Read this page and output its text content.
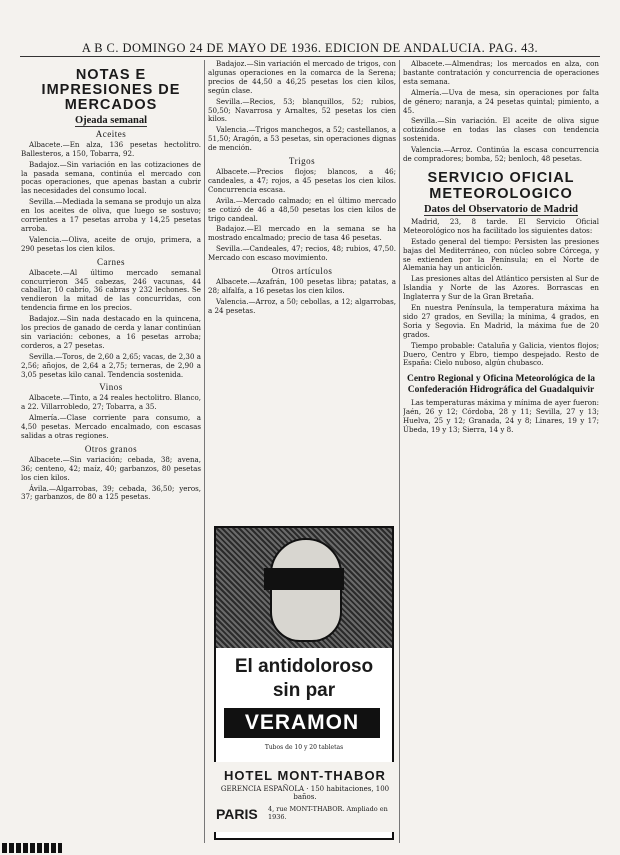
A B C. DOMINGO 24 DE MAYO DE 1936. EDICION DE ANDALUCIA. PAG. 43.
NOTAS E IMPRESIONES DE MERCADOS
Ojeada semanal
Aceites

Albacete.—En alza, 136 pesetas hectolitro. Ballesteros, a 150, Tobarra, 92.

Badajoz.—Sin variación en las cotizaciones de la pasada semana, continúa el mercado con pocas operaciones, que apenas bastan a cubrir las necesidades del consumo local.

Sevilla.—Mediada la semana se produjo un alza en los aceites de oliva, que luego se sostuvo; corrientes a 17 pesetas arroba y 14,25 pesetas arroba.

Valencia.—Oliva, aceite de orujo, primera, a 290 pesetas los cien kilos.

Carnes

Albacete.—Al último mercado semanal concurrieron 345 cabezas, 246 vacunas, 44 caballar, 10 cabrío, 36 cabras y 232 lechones. Se vendieron la mitad de las concurridas, con tendencia firme en los precios.

Badajoz.—Sin nada destacado en la quincena, los precios de ganado de cerda y lanar continúan sin variación: cebones, a 16 pesetas arroba; corderos, a 27 pesetas.

Sevilla.—Toros, de 2,60 a 2,65; vacas, de 2,30 a 2,56; añojos, de 2,64 a 2,75; terneras, de 2,90 a 3,05 pesetas kilo canal. Tendencia sostenida.

Vinos

Albacete.—Tinto, a 24 reales hectolitro. Blanco, a 22. Villarrobledo, 27; Tobarra, a 35.

Almería.—Clase corriente para consumo, a 4,50 pesetas. Mercado encalmado, con escasas salidas a otras regiones.

Otros granos

Albacete.—Sin variación; cebada, 38; avena, 36; centeno, 42; maíz, 40; garbanzos, 80 pesetas los cien kilos.

Ávila.—Algarrobas, 39; cebada, 36,50; yeros, 37; garbanzos, de 80 a 125 pesetas.

Badajoz.—Sin variación el mercado de trigos, con algunas operaciones en la comarca de la Serena; precios de 44,50 a 46,25 pesetas los cien kilos, según clase.

Sevilla.—Recios, 53; blanquillos, 52; rubios, 50,50; Navarrosa y Arnaltes, 52 pesetas los cien kilos.

Valencia.—Trigos manchegos, a 52; castellanos, a 51,50; Aragón, a 53 pesetas, sin operaciones dignas de mención.

Trigos

Albacete.—Precios flojos; blancos, a 46; candeales, a 47; rojos, a 45 pesetas los cien kilos. Concurrencia escasa.

Avila.—Mercado calmado; en el último mercado se cotizó de 46 a 48,50 pesetas los cien kilos de trigo candeal.

Badajoz.—El mercado en la semana se ha mostrado encalmado; precio de tasa 46 pesetas.

Sevilla.—Candeales, 47; recios, 48; rubios, 47,50. Mercado con escaso movimiento.

Otros artículos

Albacete.—Azafrán, 100 pesetas libra; patatas, a 28; alfalfa, a 16 pesetas los cien kilos.

Valencia.—Arroz, a 50; cebollas, a 12; algarrobas, a 24 pesetas.

El antidoloroso
sin par
VERAMON
Tubos de 10 y 20 tabletas
HOTEL MONT-THABOR
GERENCIA ESPAÑOLA · 150 habitaciones, 100 baños.
PARIS	4, rue MONT-THABOR. Ampliado en 1936.

Albacete.—Almendras; los mercados en alza, con bastante contratación y concurrencia de operaciones esta semana.

Almería.—Uva de mesa, sin operaciones por falta de género; naranja, a 24 pesetas quintal; pimiento, a 45.

Sevilla.—Sin variación. El aceite de oliva sigue cotizándose en todas las clases con tendencia sostenida.

Valencia.—Arroz. Continúa la escasa concurrencia de compradores; bomba, 52; benloch, 48 pesetas.

SERVICIO OFICIAL METEOROLOGICO
Datos del Observatorio de Madrid

Madrid, 23, 8 tarde. El Servicio Oficial Meteorológico nos ha facilitado los siguientes datos:

Estado general del tiempo: Persisten las presiones bajas del Mediterráneo, con núcleo sobre Córcega, y se extienden por la Península; en el Norte de Alemania hay un anticiclón.

Las presiones altas del Atlántico persisten al Sur de Islandia y Norte de las Azores. Borrascas en Inglaterra y Sur de la Gran Bretaña.

En nuestra Península, la temperatura máxima ha sido 27 grados, en Sevilla; la mínima, 4 grados, en Soria y Segovia. En Madrid, la máxima fue de 20 grados.

Tiempo probable: Cataluña y Galicia, vientos flojos; Duero, Centro y Ebro, tiempo despejado. Resto de España: Cielo nuboso, algún chubasco.

Centro Regional y Oficina Meteorológica de la Confederación Hidrográfica del Guadalquivir

Las temperaturas máxima y mínima de ayer fueron: Jaén, 26 y 12; Córdoba, 28 y 11; Sevilla, 27 y 13; Huelva, 25 y 12; Granada, 24 y 8; Linares, 19 y 17; Úbeda, 19 y 13; Sierra, 14 y 8.
